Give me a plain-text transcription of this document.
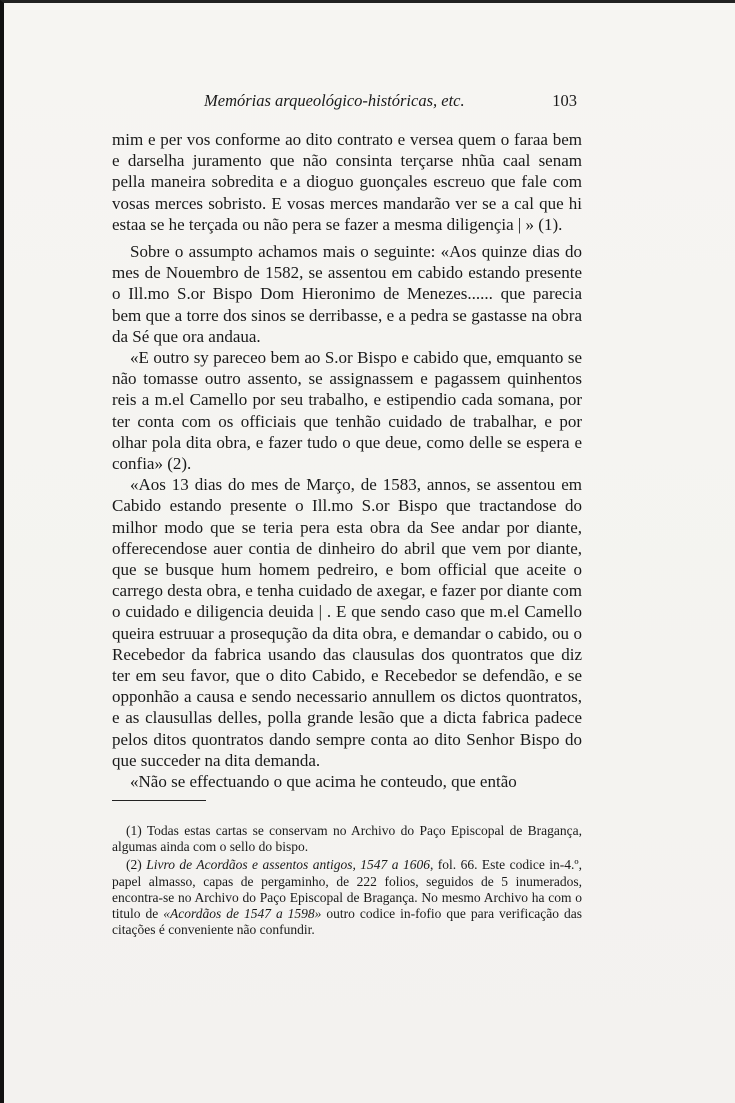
Memórias arqueológico-históricas, etc.	103

mim e per vos conforme ao dito contrato e versea quem o faraa bem e darselha juramento que não consinta terçarse nhũa caal senam pella maneira sobredita e a dioguo guonçales escreuo que fale com vosas merces sobristo. E vosas merces mandarão ver se a cal que hi estaa se he terçada ou não pera se fazer a mesma diligençia | » (1).

Sobre o assumpto achamos mais o seguinte: «Aos quinze dias do mes de Nouembro de 1582, se assentou em cabido estando presente o Ill.mo S.or Bispo Dom Hieronimo de Menezes...... que parecia bem que a torre dos sinos se derribasse, e a pedra se gastasse na obra da Sé que ora andaua.

«E outro sy pareceo bem ao S.or Bispo e cabido que, emquanto se não tomasse outro assento, se assignassem e pagassem quinhentos reis a m.el Camello por seu trabalho, e estipendio cada somana, por ter conta com os officiais que tenhão cuidado de trabalhar, e por olhar pola dita obra, e fazer tudo o que deue, como delle se espera e confia» (2).

«Aos 13 dias do mes de Março, de 1583, annos, se assentou em Cabido estando presente o Ill.mo S.or Bispo que tractandose do milhor modo que se teria pera esta obra da See andar por diante, offerecendose auer contia de dinheiro do abril que vem por diante, que se busque hum homem pedreiro, e bom official que aceite o carrego desta obra, e tenha cuidado de axegar, e fazer por diante com o cuidado e diligencia deuida | . E que sendo caso que m.el Camello queira estruuar a prosequção da dita obra, e demandar o cabido, ou o Recebedor da fabrica usando das clausulas dos quontratos que diz ter em seu favor, que o dito Cabido, e Recebedor se defendão, e se opponhão a causa e sendo necessario annullem os dictos quontratos, e as clausullas delles, polla grande lesão que a dicta fabrica padece pelos ditos quontratos dando sempre conta ao dito Senhor Bispo do que succeder na dita demanda.

«Não se effectuando o que acima he conteudo, que então

(1) Todas estas cartas se conservam no Archivo do Paço Episcopal de Bragança, algumas ainda com o sello do bispo.

(2) Livro de Acordãos e assentos antigos, 1547 a 1606, fol. 66. Este codice in-4.º, papel almasso, capas de pergaminho, de 222 folios, seguidos de 5 inumerados, encontra-se no Archivo do Paço Episcopal de Bragança. No mesmo Archivo ha com o titulo de «Acordãos de 1547 a 1598» outro codice in-fofio que para verificação das citações é conveniente não confundir.
